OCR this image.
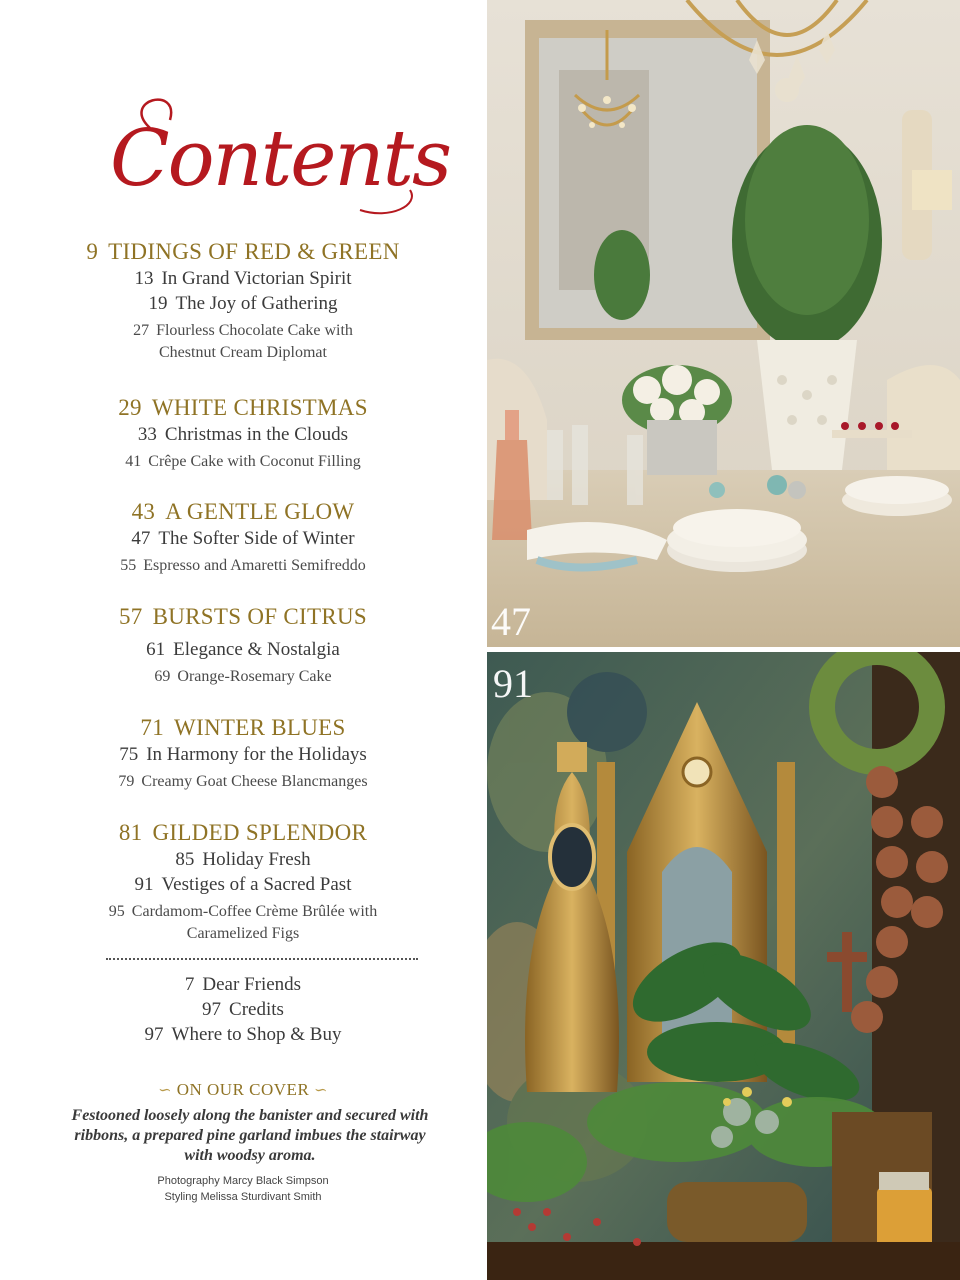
Contents

9 TIDINGS OF RED & GREEN

13 In Grand Victorian Spirit

19 The Joy of Gathering

27 Flourless Chocolate Cake with
Chestnut Cream Diplomat

29 WHITE CHRISTMAS

33 Christmas in the Clouds

41 Crêpe Cake with Coconut Filling

43 A GENTLE GLOW

47 The Softer Side of Winter

55 Espresso and Amaretti Semifreddo

57 BURSTS OF CITRUS

61 Elegance & Nostalgia

69 Orange-Rosemary Cake

71 WINTER BLUES

75 In Harmony for the Holidays

79 Creamy Goat Cheese Blancmanges

81 GILDED SPLENDOR

85 Holiday Fresh

91 Vestiges of a Sacred Past

95 Cardamom-Coffee Crème Brûlée with
Caramelized Figs

7 Dear Friends

97 Credits

97 Where to Shop & Buy

∽ ON OUR COVER ∽
Festooned loosely along the banister and secured with ribbons, a prepared pine garland imbues the stairway with woodsy aroma.
Photography Marcy Black Simpson
Styling Melissa Sturdivant Smith
47
91
